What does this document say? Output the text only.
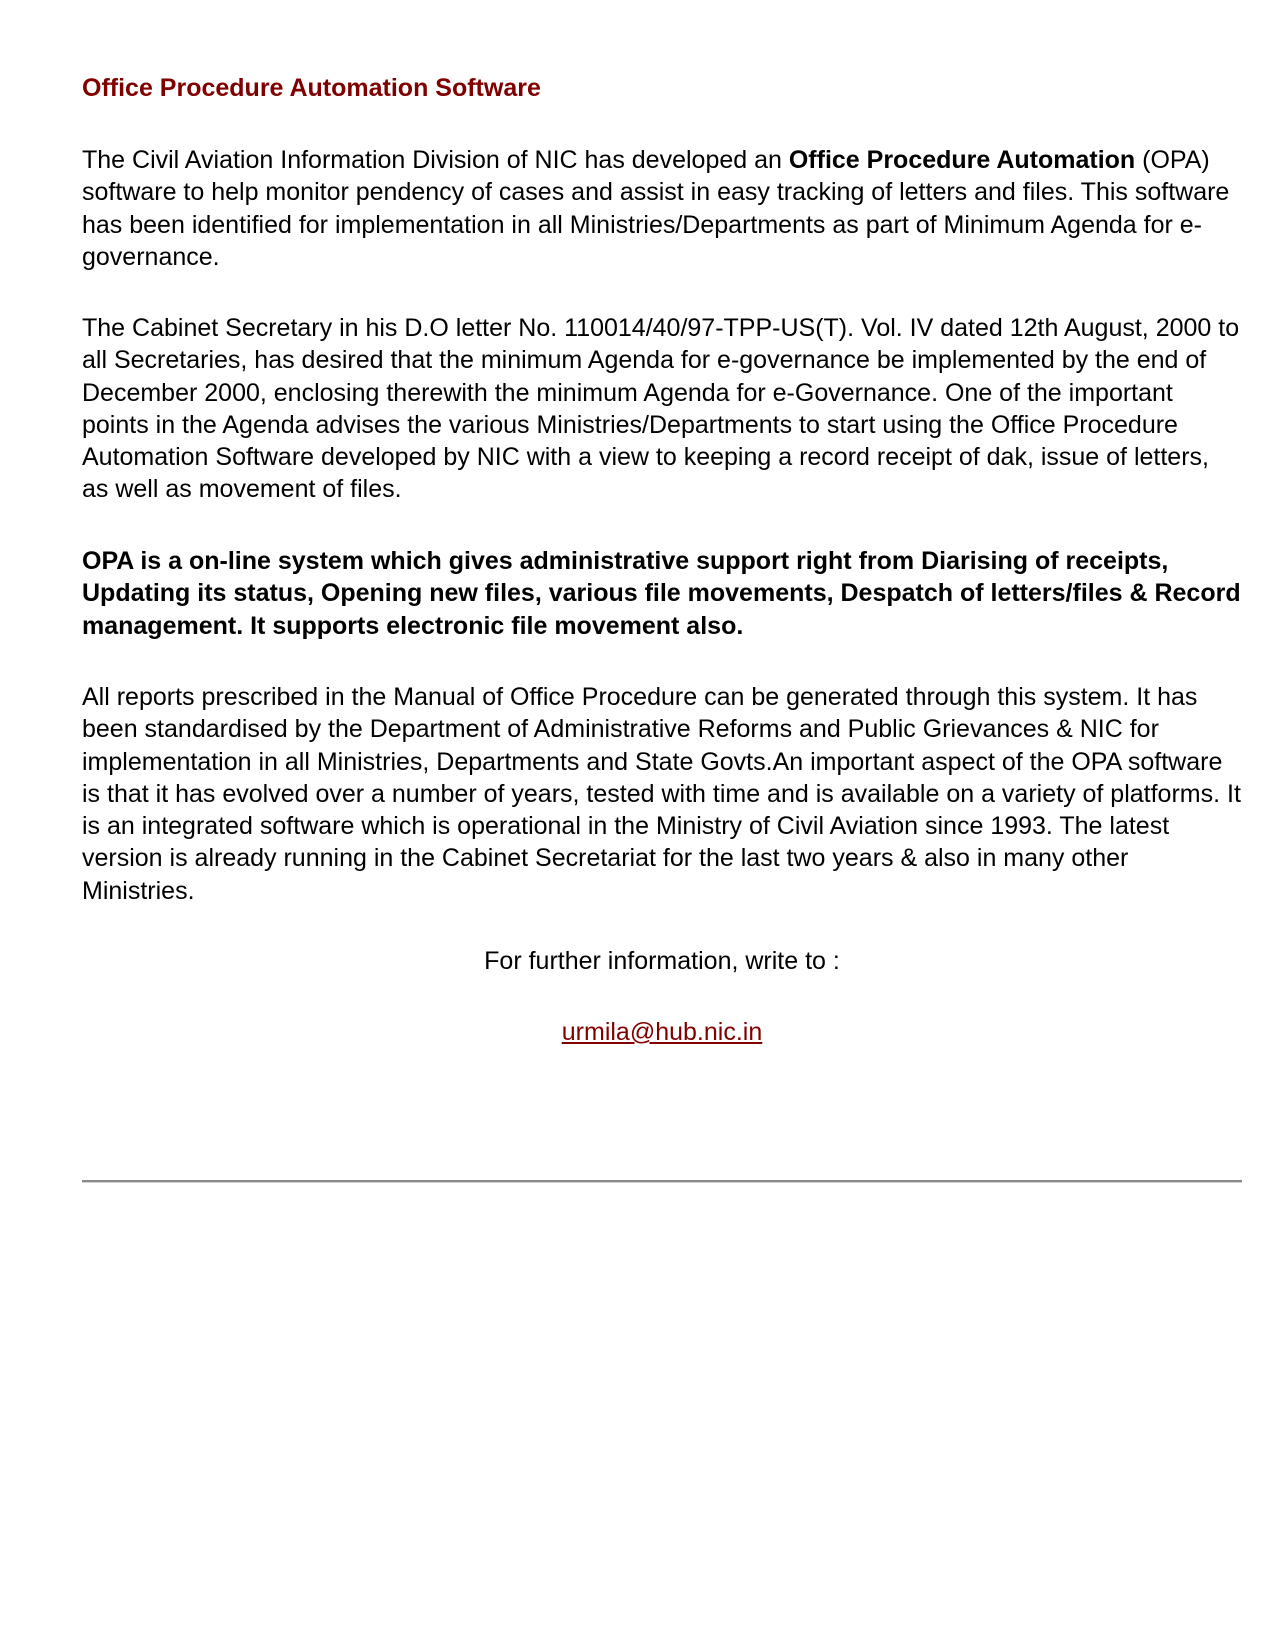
Office Procedure Automation Software

The Civil Aviation Information Division of NIC has developed an Office Procedure Automation (OPA) software to help monitor pendency of cases and assist in easy tracking of letters and files. This software has been identified for implementation in all Ministries/Departments as part of Minimum Agenda for e-governance.

The Cabinet Secretary in his D.O letter No. 110014/40/97-TPP-US(T). Vol. IV dated 12th August, 2000 to all Secretaries, has desired that the minimum Agenda for e-governance be implemented by the end of December 2000, enclosing therewith the minimum Agenda for e-Governance. One of the important points in the Agenda advises the various Ministries/Departments to start using the Office Procedure Automation Software developed by NIC with a view to keeping a record receipt of dak, issue of letters, as well as movement of files.

OPA is a on-line system which gives administrative support right from Diarising of receipts, Updating its status, Opening new files, various file movements, Despatch of letters/files & Record management. It supports electronic file movement also.

All reports prescribed in the Manual of Office Procedure can be generated through this system. It has been standardised by the Department of Administrative Reforms and Public Grievances & NIC for implementation in all Ministries, Departments and State Govts.An important aspect of the OPA software is that it has evolved over a number of years, tested with time and is available on a variety of platforms. It is an integrated software which is operational in the Ministry of Civil Aviation since 1993. The latest version is already running in the Cabinet Secretariat for the last two years & also in many other Ministries.

For further information, write to :

urmila@hub.nic.in
